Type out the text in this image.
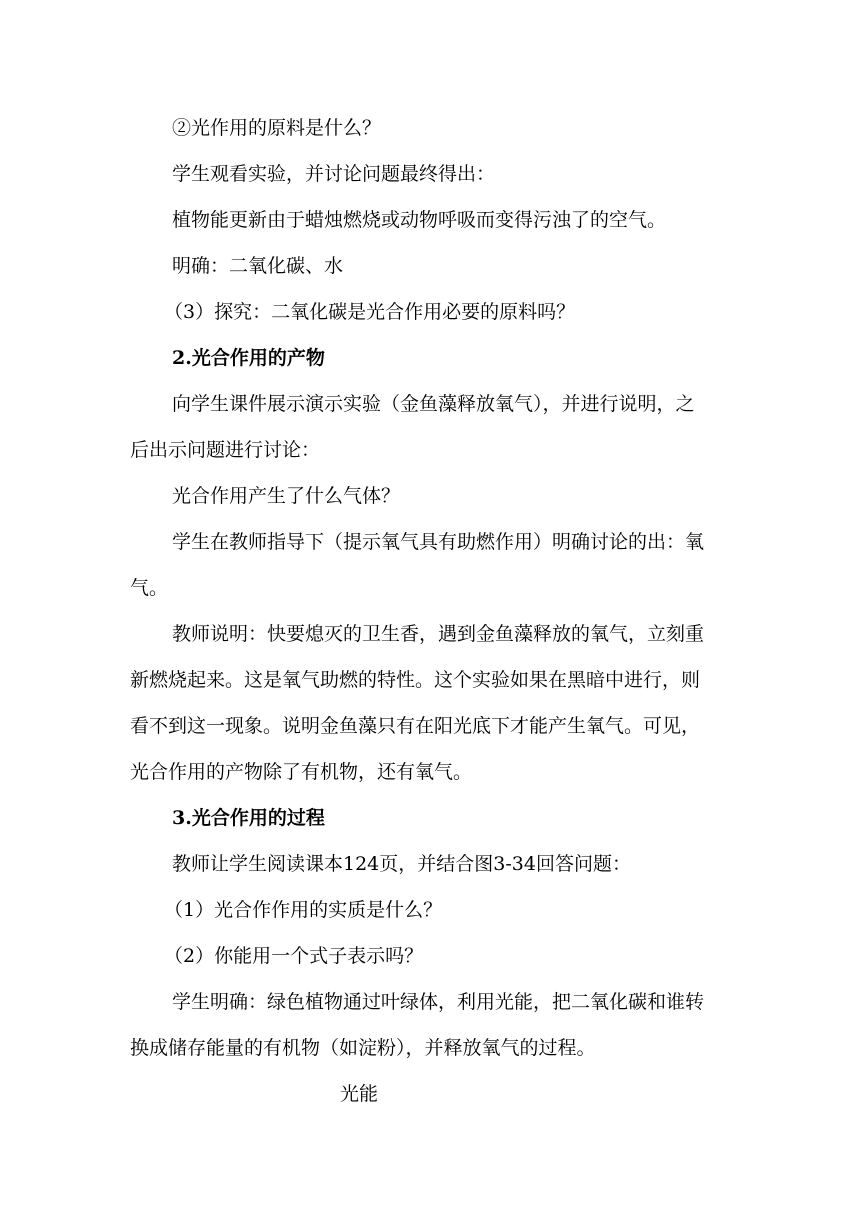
②光作用的原料是什么？
学生观看实验，并讨论问题最终得出：
植物能更新由于蜡烛燃烧或动物呼吸而变得污浊了的空气。
明确：二氧化碳、水
（3）探究：二氧化碳是光合作用必要的原料吗？
2.光合作用的产物
向学生课件展示演示实验（金鱼藻释放氧气），并进行说明，之
后出示问题进行讨论：
光合作用产生了什么气体？
学生在教师指导下（提示氧气具有助燃作用）明确讨论的出：氧
气。
教师说明：快要熄灭的卫生香，遇到金鱼藻释放的氧气，立刻重
新燃烧起来。这是氧气助燃的特性。这个实验如果在黑暗中进行，则
看不到这一现象。说明金鱼藻只有在阳光底下才能产生氧气。可见，
光合作用的产物除了有机物，还有氧气。
3.光合作用的过程
教师让学生阅读课本124页，并结合图3-34回答问题：
（1）光合作作用的实质是什么？
（2）你能用一个式子表示吗？
学生明确：绿色植物通过叶绿体，利用光能，把二氧化碳和谁转
换成储存能量的有机物（如淀粉），并释放氧气的过程。
光能
